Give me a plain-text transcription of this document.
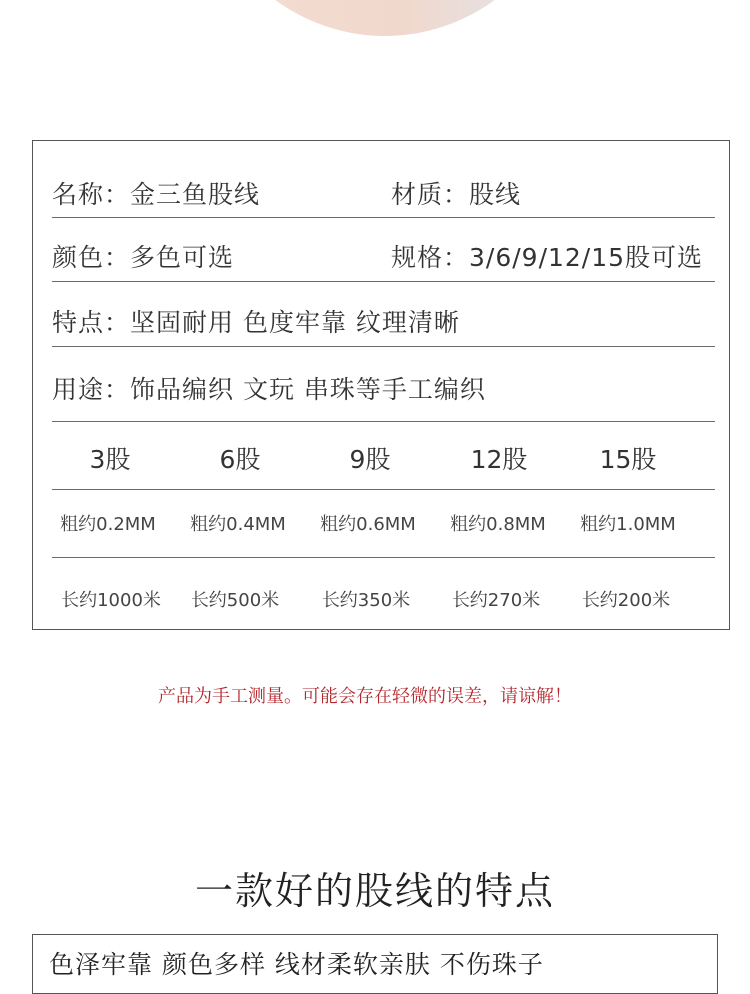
名称：金三鱼股线	材质：股线
颜色：多色可选	规格：3/6/9/12/15股可选
特点：坚固耐用 色度牢靠 纹理清晰
用途：饰品编织 文玩 串珠等手工编织
3股	6股	9股	12股	15股
粗约0.2MM	粗约0.4MM	粗约0.6MM	粗约0.8MM	粗约1.0MM
长约1000米	长约500米	长约350米	长约270米	长约200米
产品为手工测量。可能会存在轻微的误差，请谅解！
一款好的股线的特点
色泽牢靠 颜色多样 线材柔软亲肤 不伤珠子
